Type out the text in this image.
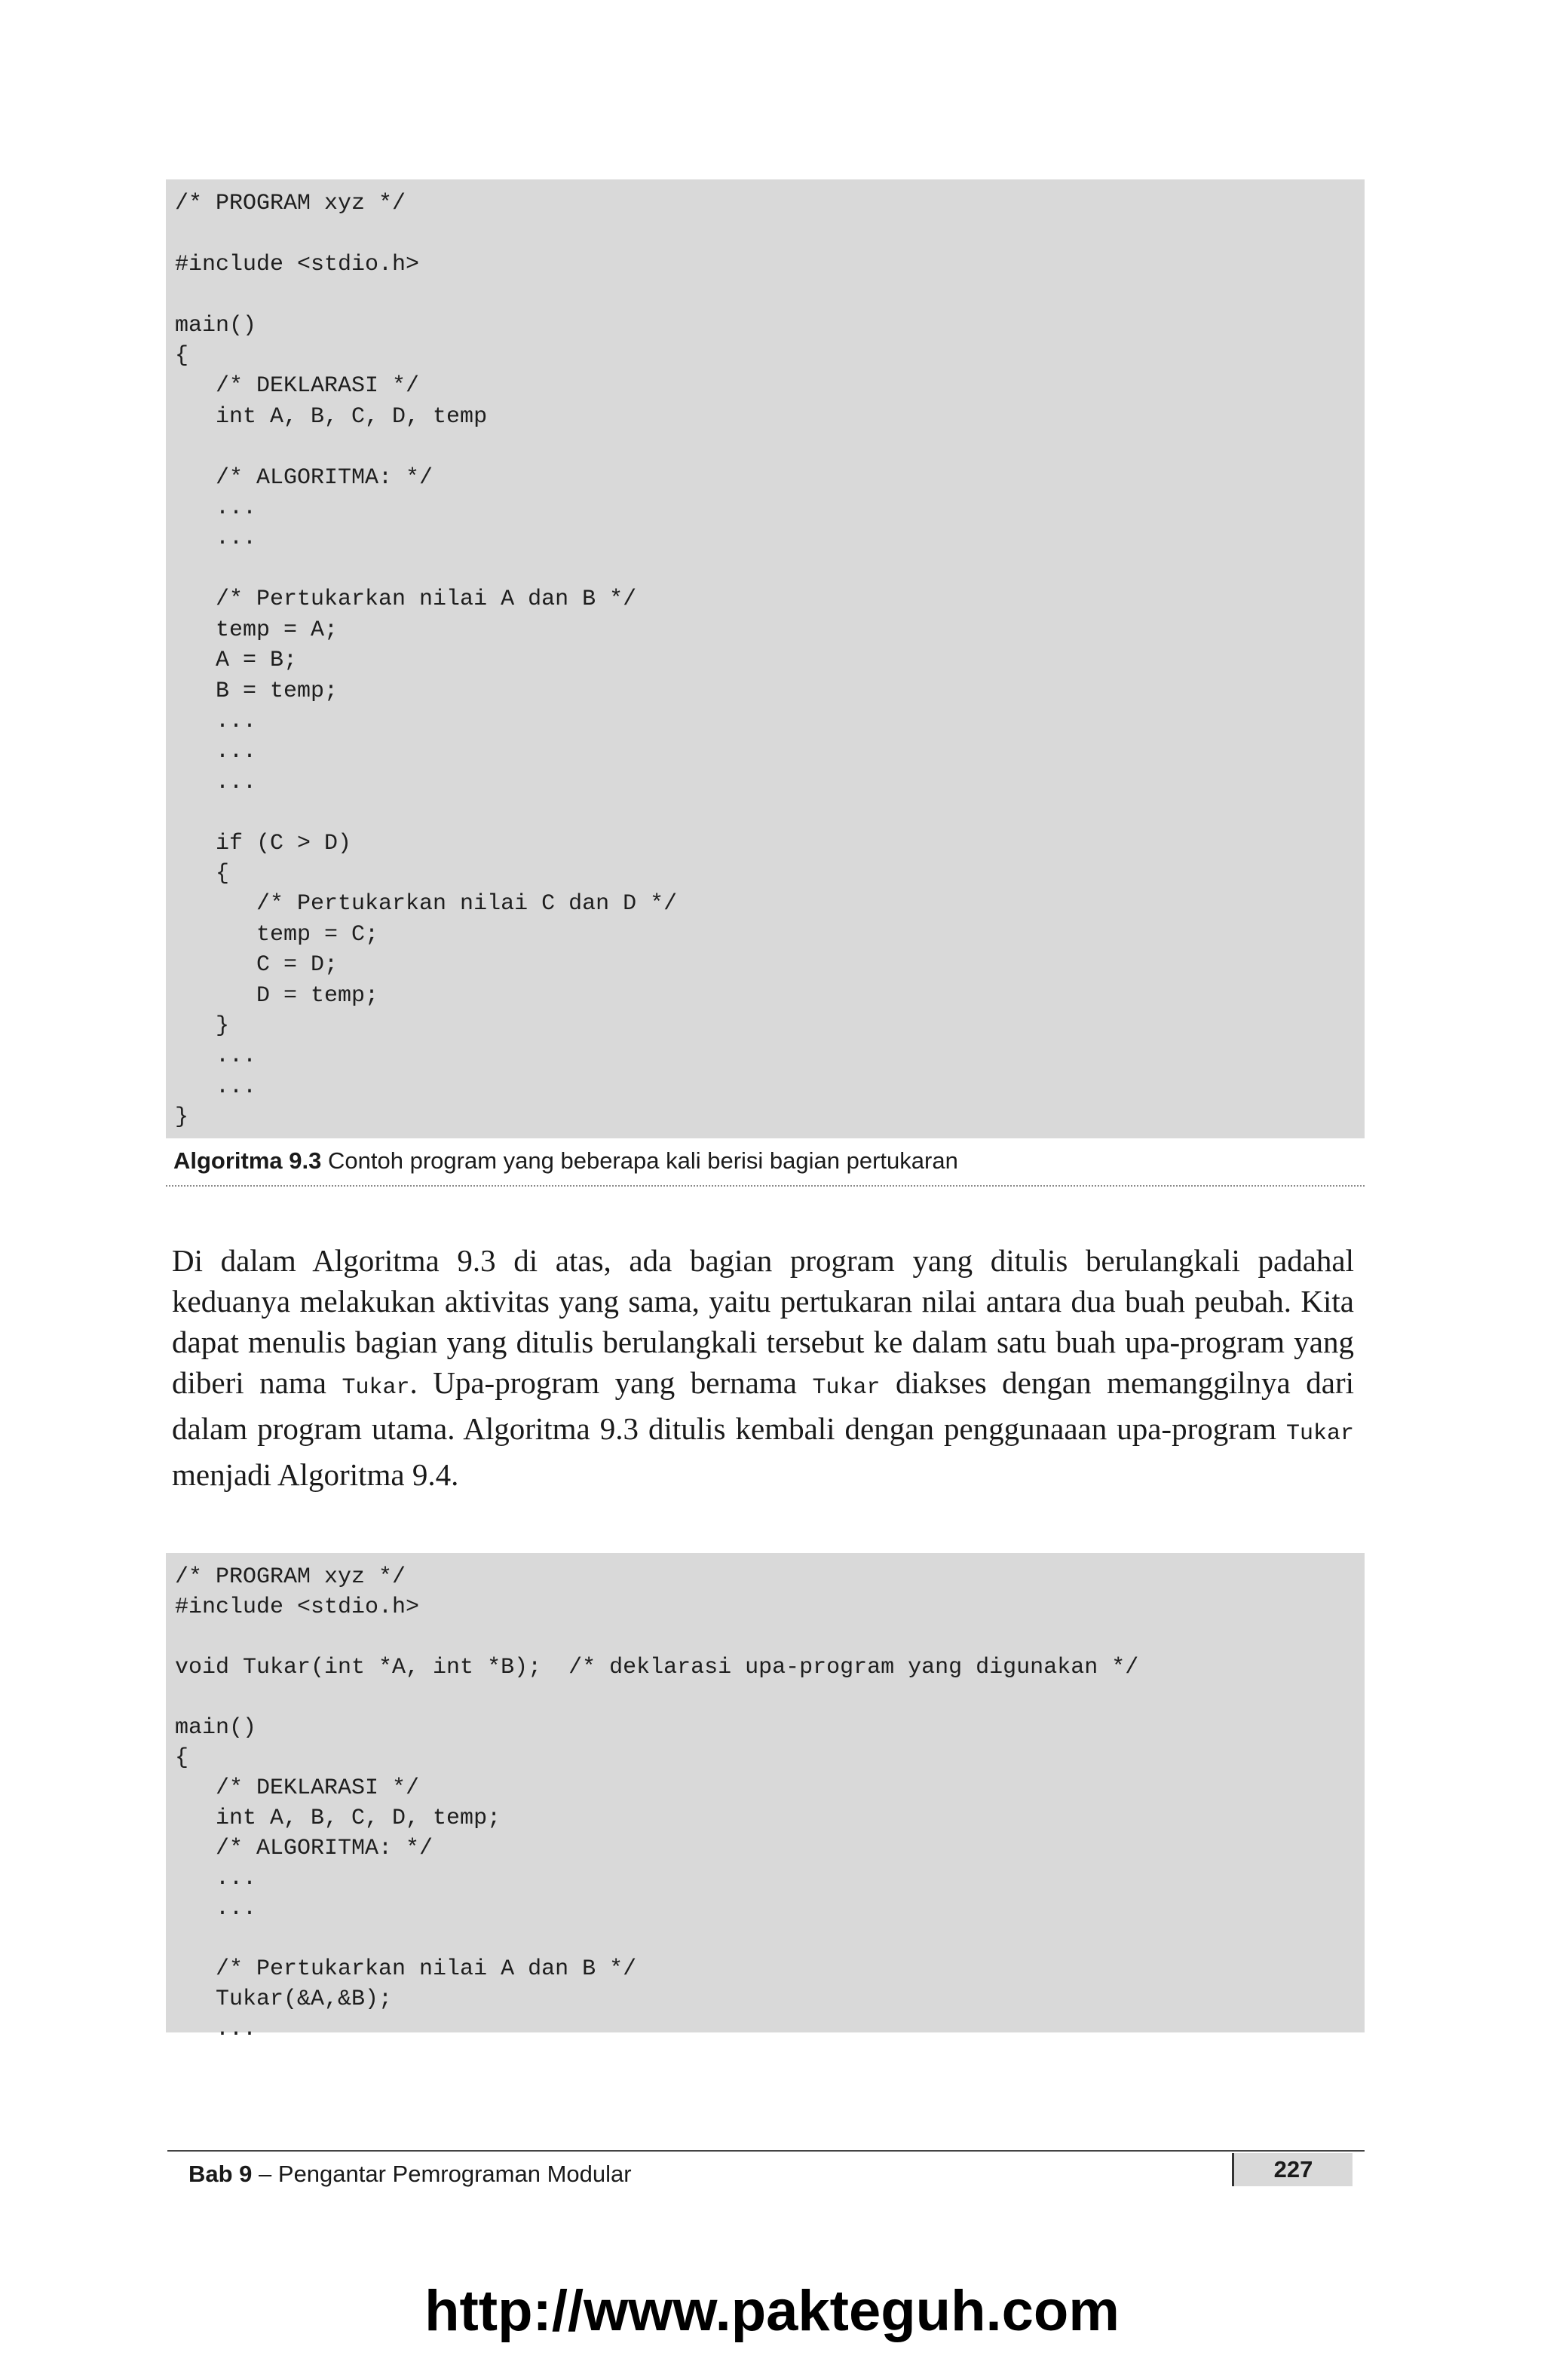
/* PROGRAM xyz */

#include <stdio.h>

main()
{
/* DEKLARASI */
int A, B, C, D, temp

/* ALGORITMA: */
...
...

/* Pertukarkan nilai A dan B */
temp = A;
A = B;
B = temp;
...
...
...

if (C > D)
{
/* Pertukarkan nilai C dan D */
temp = C;
C = D;
D = temp;
}
...
...
}
Algoritma 9.3 Contoh program yang beberapa kali berisi bagian pertukaran

Di dalam Algoritma 9.3 di atas, ada bagian program yang ditulis berulangkali padahal keduanya melakukan aktivitas yang sama, yaitu pertukaran nilai antara dua buah peubah. Kita dapat menulis bagian yang ditulis berulangkali tersebut ke dalam satu buah upa-program yang diberi nama Tukar. Upa-program yang bernama Tukar diakses dengan memanggilnya dari dalam program utama. Algoritma 9.3 ditulis kembali dengan penggunaaan upa-program Tukar menjadi Algoritma 9.4.

/* PROGRAM xyz */
#include <stdio.h>

void Tukar(int *A, int *B);  /* deklarasi upa-program yang digunakan */

main()
{
/* DEKLARASI */
int A, B, C, D, temp;
/* ALGORITMA: */
...
...

/* Pertukarkan nilai A dan B */
Tukar(&A,&B);
...
Bab 9 – Pengantar Pemrograman Modular	227
http://www.pakteguh.com
